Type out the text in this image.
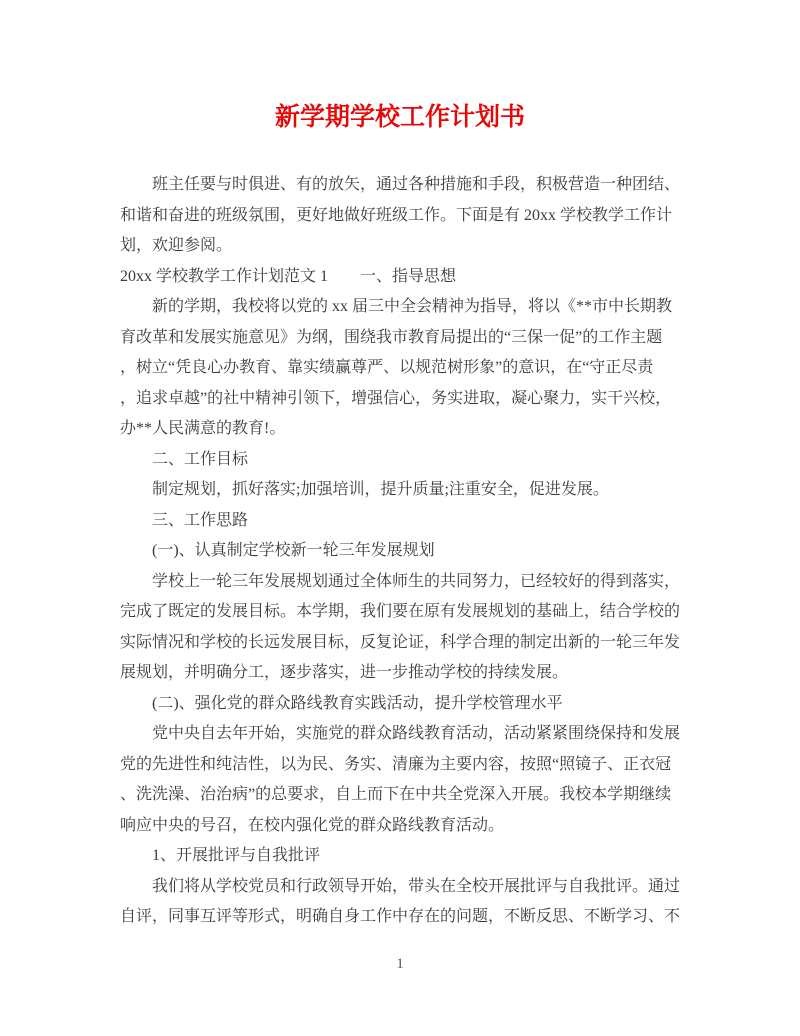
新学期学校工作计划书
班主任要与时俱进、有的放矢，通过各种措施和手段，积极营造一种团结、
和谐和奋进的班级氛围，更好地做好班级工作。下面是有 20xx 学校教学工作计
划，欢迎参阅。
20xx 学校教学工作计划范文 1　　一、指导思想
新的学期，我校将以党的 xx 届三中全会精神为指导，将以《**市中长期教
育改革和发展实施意见》为纲，围绕我市教育局提出的“三保一促”的工作主题
，树立“凭良心办教育、靠实绩赢尊严、以规范树形象”的意识，在“守正尽责
，追求卓越”的社中精神引领下，增强信心，务实进取，凝心聚力，实干兴校，
办**人民满意的教育!。
二、工作目标
制定规划，抓好落实;加强培训，提升质量;注重安全，促进发展。
三、工作思路
(一)、认真制定学校新一轮三年发展规划
学校上一轮三年发展规划通过全体师生的共同努力，已经较好的得到落实，
完成了既定的发展目标。本学期，我们要在原有发展规划的基础上，结合学校的
实际情况和学校的长远发展目标，反复论证，科学合理的制定出新的一轮三年发
展规划，并明确分工，逐步落实，进一步推动学校的持续发展。
(二)、强化党的群众路线教育实践活动，提升学校管理水平
党中央自去年开始，实施党的群众路线教育活动，活动紧紧围绕保持和发展
党的先进性和纯洁性，以为民、务实、清廉为主要内容，按照“照镜子、正衣冠
、洗洗澡、治治病”的总要求，自上而下在中共全党深入开展。我校本学期继续
响应中央的号召，在校内强化党的群众路线教育活动。
1、开展批评与自我批评
我们将从学校党员和行政领导开始，带头在全校开展批评与自我批评。通过
自评，同事互评等形式，明确自身工作中存在的问题，不断反思、不断学习、不
1
